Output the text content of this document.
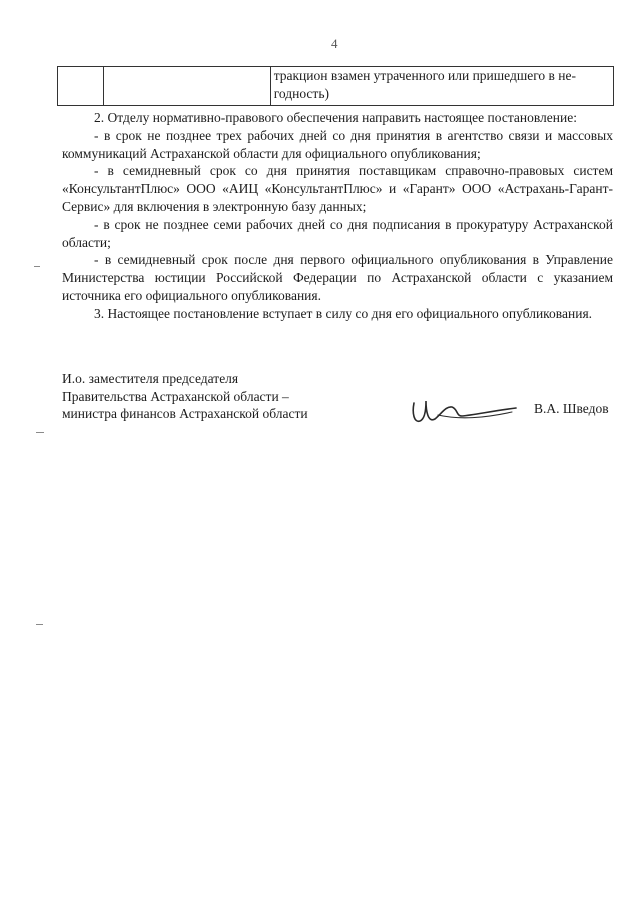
4

тракцион взамен утраченного или пришедшего в не-
годность)

2. Отделу нормативно-правового обеспечения направить настоящее постановление:

- в срок не позднее трех рабочих дней со дня принятия в агентство связи и массовых коммуникаций Астраханской области для официального опубликования;

- в семидневный срок со дня принятия поставщикам справочно-правовых систем «КонсультантПлюс» ООО «АИЦ «КонсультантПлюс» и «Гарант» ООО «Астрахань-Гарант-Сервис» для включения в электронную базу данных;

- в срок не позднее семи рабочих дней со дня подписания в прокуратуру Астраханской области;

- в семидневный срок после дня первого официального опубликования в Управление Министерства юстиции Российской Федерации по Астраханской области с указанием источника его официального опубликования.

3. Настоящее постановление вступает в силу со дня его официального опубликования.

И.о. заместителя председателя
Правительства Астраханской области –
министра финансов Астраханской области	В.А. Шведов
